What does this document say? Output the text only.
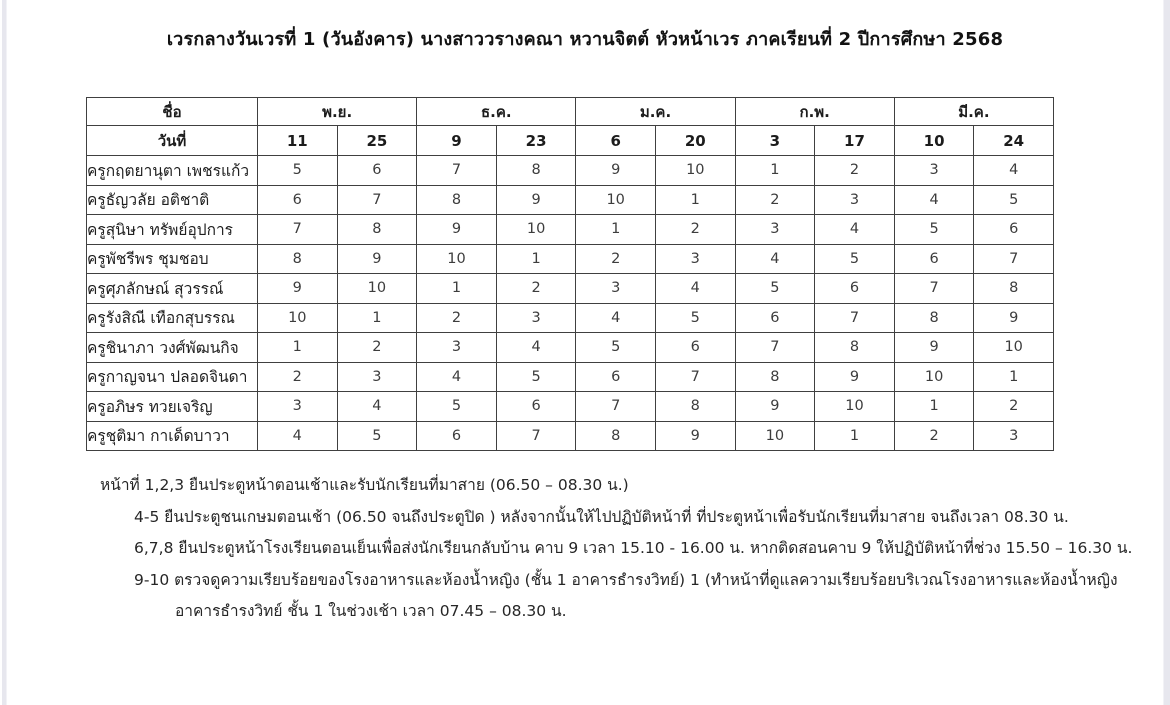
เวรกลางวันเวรที่ 1 (วันอังคาร) นางสาววรางคณา หวานจิตต์ หัวหน้าเวร ภาคเรียนที่ 2 ปีการศึกษา 2568
ชื่อ	พ.ย.		ธ.ค.		ม.ค.		ก.พ.		มี.ค.	
วันที่	11	25	9	23	6	20	3	17	10	24
ครูกฤตยานุตา เพชรแก้ว	5	6	7	8	9	10	1	2	3	4
ครูธัญวลัย อติชาติ	6	7	8	9	10	1	2	3	4	5
ครูสุนิษา ทรัพย์อุปการ	7	8	9	10	1	2	3	4	5	6
ครูพัชรีพร ชุมชอบ	8	9	10	1	2	3	4	5	6	7
ครูศุภลักษณ์ สุวรรณ์	9	10	1	2	3	4	5	6	7	8
ครูรังสิณี เทือกสุบรรณ	10	1	2	3	4	5	6	7	8	9
ครูชินาภา วงศ์พัฒนกิจ	1	2	3	4	5	6	7	8	9	10
ครูกาญจนา ปลอดจินดา	2	3	4	5	6	7	8	9	10	1
ครูอภิษร ทวยเจริญ	3	4	5	6	7	8	9	10	1	2
ครูชุติมา กาเด็ดบาวา	4	5	6	7	8	9	10	1	2	3
หน้าที่ 1,2,3 ยืนประตูหน้าตอนเช้าและรับนักเรียนที่มาสาย (06.50 – 08.30 น.)
4-5 ยืนประตูชนเกษมตอนเช้า (06.50 จนถึงประตูปิด ) หลังจากนั้นให้ไปปฏิบัติหน้าที่ ที่ประตูหน้าเพื่อรับนักเรียนที่มาสาย จนถึงเวลา 08.30 น.
6,7,8 ยืนประตูหน้าโรงเรียนตอนเย็นเพื่อส่งนักเรียนกลับบ้าน คาบ 9 เวลา 15.10 - 16.00 น. หากติดสอนคาบ 9 ให้ปฏิบัติหน้าที่ช่วง 15.50 – 16.30 น.
9-10 ตรวจดูความเรียบร้อยของโรงอาหารและห้องน้ำหญิง (ชั้น 1 อาคารธำรงวิทย์) 1 (ทำหน้าที่ดูแลความเรียบร้อยบริเวณโรงอาหารและห้องน้ำหญิง
อาคารธำรงวิทย์ ชั้น 1 ในช่วงเช้า เวลา 07.45 – 08.30 น.
